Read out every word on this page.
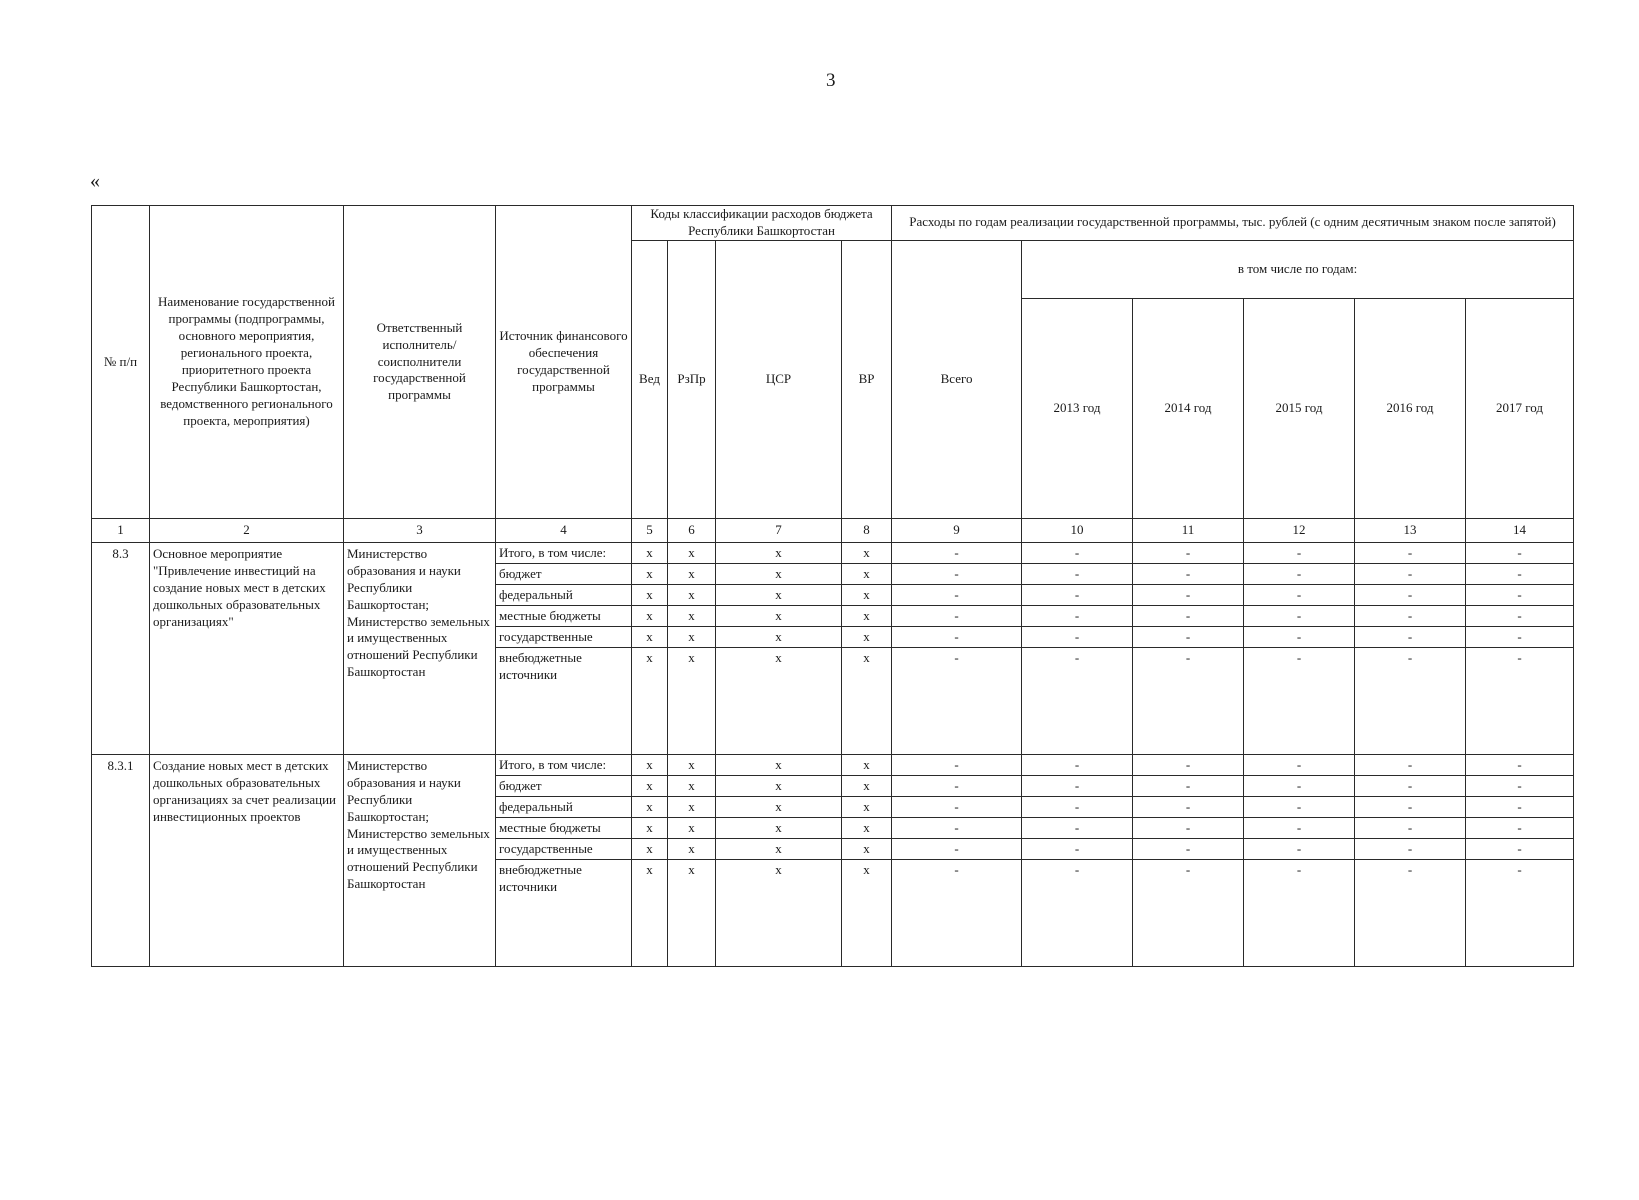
3
«
№ п/п	Наименование государственной программы (подпрограммы, основного мероприятия, регионального проекта, приоритетного проекта Республики Башкортостан, ведомственного регионального проекта, мероприятия)	Ответственный исполнитель/ соисполнители государственной программы	Источник финансового обеспечения государственной программы	Коды классификации расходов бюджета Республики Башкортостан				Расходы по годам реализации государственной программы, тыс. рублей (с одним десятичным знаком после запятой)					
				Вед	РзПр	ЦСР	ВР	Всего	в том числе по годам:				
									2013 год	2014 год	2015 год	2016 год	2017 год
1	2	3	4	5	6	7	8	9	10	11	12	13	14
8.3	Основное мероприятие "Привлечение инвестиций на создание новых мест в детских дошкольных образовательных организациях"	Министерство образования и науки Республики Башкортостан; Министерство земельных и имущественных отношений Республики Башкортостан	Итого, в том числе:	x	x	x	x	-	-	-	-	-	-
			бюджет	x	x	x	x	-	-	-	-	-	-
			федеральный	x	x	x	x	-	-	-	-	-	-
			местные бюджеты	x	x	x	x	-	-	-	-	-	-
			государственные	x	x	x	x	-	-	-	-	-	-
			внебюджетные источники	x	x	x	x	-	-	-	-	-	-
8.3.1	Создание новых мест в детских дошкольных образовательных организациях за счет реализации инвестиционных проектов	Министерство образования и науки Республики Башкортостан; Министерство земельных и имущественных отношений Республики Башкортостан	Итого, в том числе:	x	x	x	x	-	-	-	-	-	-
			бюджет	x	x	x	x	-	-	-	-	-	-
			федеральный	x	x	x	x	-	-	-	-	-	-
			местные бюджеты	x	x	x	x	-	-	-	-	-	-
			государственные	x	x	x	x	-	-	-	-	-	-
			внебюджетные источники	x	x	x	x	-	-	-	-	-	-
